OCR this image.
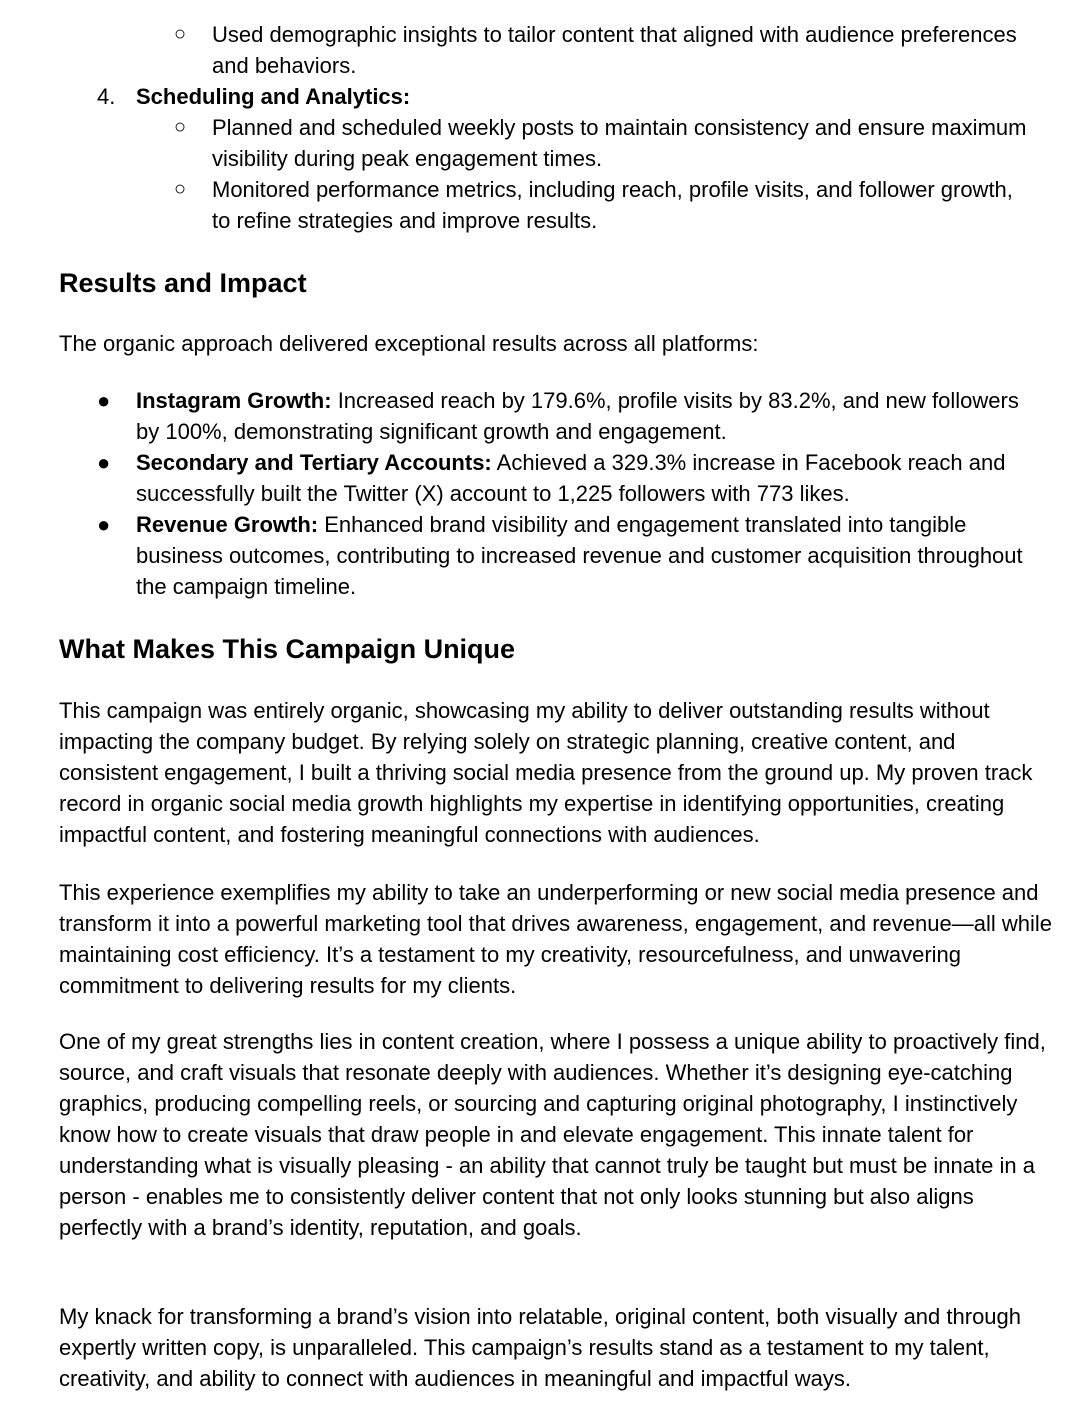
○	Used demographic insights to tailor content that aligned with audience preferences and behaviors.
4. Scheduling and Analytics:
○	Planned and scheduled weekly posts to maintain consistency and ensure maximum visibility during peak engagement times.
○	Monitored performance metrics, including reach, profile visits, and follower growth, to refine strategies and improve results.
Results and Impact

The organic approach delivered exceptional results across all platforms:

● Instagram Growth: Increased reach by 179.6%, profile visits by 83.2%, and new followers by 100%, demonstrating significant growth and engagement.
● Secondary and Tertiary Accounts: Achieved a 329.3% increase in Facebook reach and successfully built the Twitter (X) account to 1,225 followers with 773 likes.
● Revenue Growth: Enhanced brand visibility and engagement translated into tangible business outcomes, contributing to increased revenue and customer acquisition throughout the campaign timeline.
What Makes This Campaign Unique

This campaign was entirely organic, showcasing my ability to deliver outstanding results without impacting the company budget. By relying solely on strategic planning, creative content, and consistent engagement, I built a thriving social media presence from the ground up. My proven track record in organic social media growth highlights my expertise in identifying opportunities, creating impactful content, and fostering meaningful connections with audiences.

This experience exemplifies my ability to take an underperforming or new social media presence and transform it into a powerful marketing tool that drives awareness, engagement, and revenue—all while maintaining cost efficiency. It’s a testament to my creativity, resourcefulness, and unwavering commitment to delivering results for my clients.

One of my great strengths lies in content creation, where I possess a unique ability to proactively find, source, and craft visuals that resonate deeply with audiences. Whether it’s designing eye-catching graphics, producing compelling reels, or sourcing and capturing original photography, I instinctively know how to create visuals that draw people in and elevate engagement. This innate talent for understanding what is visually pleasing - an ability that cannot truly be taught but must be innate in a person - enables me to consistently deliver content that not only looks stunning but also aligns perfectly with a brand’s identity, reputation, and goals.

My knack for transforming a brand’s vision into relatable, original content, both visually and through expertly written copy, is unparalleled. This campaign’s results stand as a testament to my talent, creativity, and ability to connect with audiences in meaningful and impactful ways.
